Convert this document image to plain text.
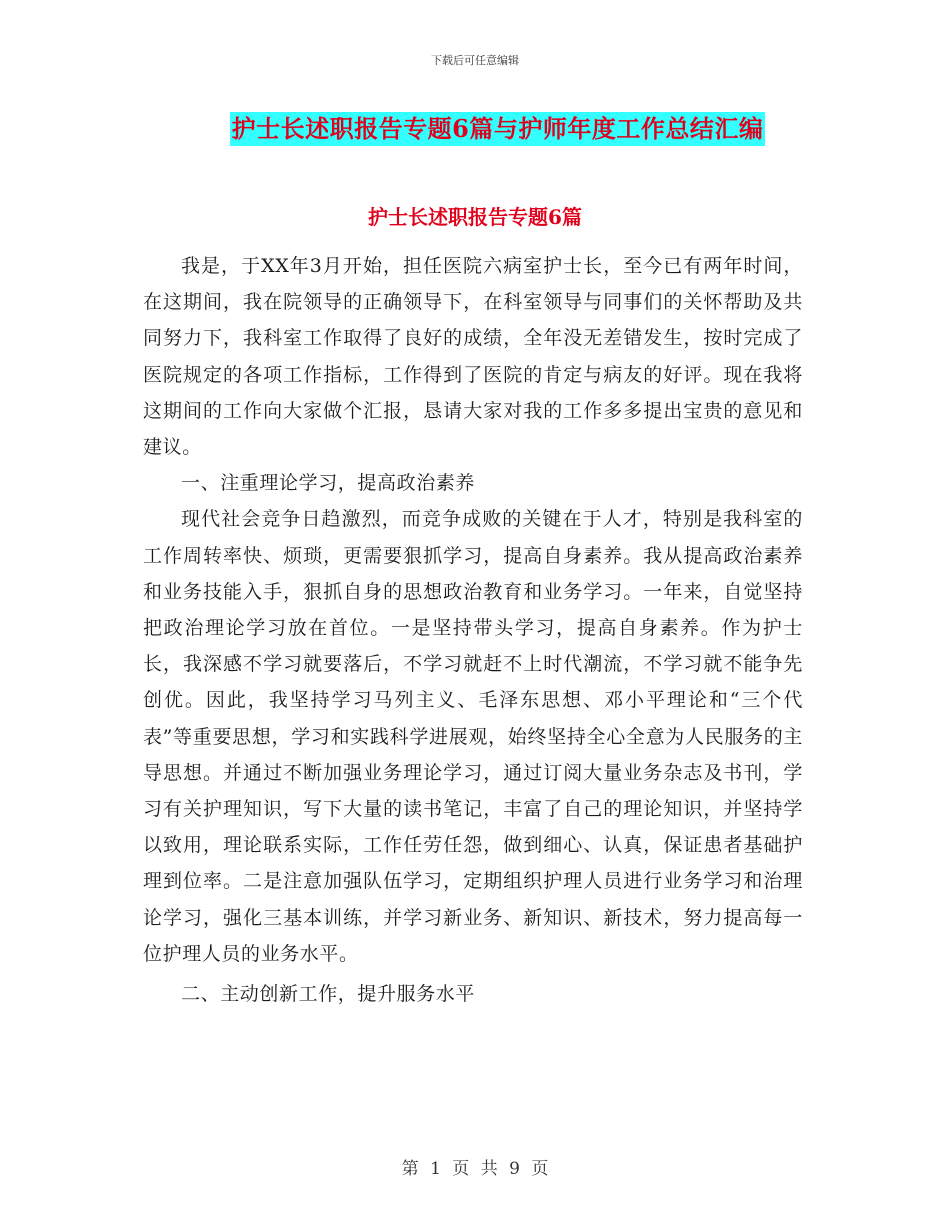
下载后可任意编辑
护士长述职报告专题6篇与护师年度工作总结汇编
护士长述职报告专题6篇

我是，于XX年3月开始，担任医院六病室护士长，至今已有两年时间，在这期间，我在院领导的正确领导下，在科室领导与同事们的关怀帮助及共同努力下，我科室工作取得了良好的成绩，全年没无差错发生，按时完成了医院规定的各项工作指标，工作得到了医院的肯定与病友的好评。现在我将这期间的工作向大家做个汇报，恳请大家对我的工作多多提出宝贵的意见和建议。

一、注重理论学习，提高政治素养

现代社会竞争日趋激烈，而竞争成败的关键在于人才，特别是我科室的工作周转率快、烦琐，更需要狠抓学习，提高自身素养。我从提高政治素养和业务技能入手，狠抓自身的思想政治教育和业务学习。一年来，自觉坚持把政治理论学习放在首位。一是坚持带头学习，提高自身素养。作为护士长，我深感不学习就要落后，不学习就赶不上时代潮流，不学习就不能争先创优。因此，我坚持学习马列主义、毛泽东思想、邓小平理论和“三个代表”等重要思想，学习和实践科学进展观，始终坚持全心全意为人民服务的主导思想。并通过不断加强业务理论学习，通过订阅大量业务杂志及书刊，学习有关护理知识，写下大量的读书笔记，丰富了自己的理论知识，并坚持学以致用，理论联系实际，工作任劳任怨，做到细心、认真，保证患者基础护理到位率。二是注意加强队伍学习，定期组织护理人员进行业务学习和治理论学习，强化三基本训练，并学习新业务、新知识、新技术，努力提高每一位护理人员的业务水平。

二、主动创新工作，提升服务水平

第 1 页 共 9 页
